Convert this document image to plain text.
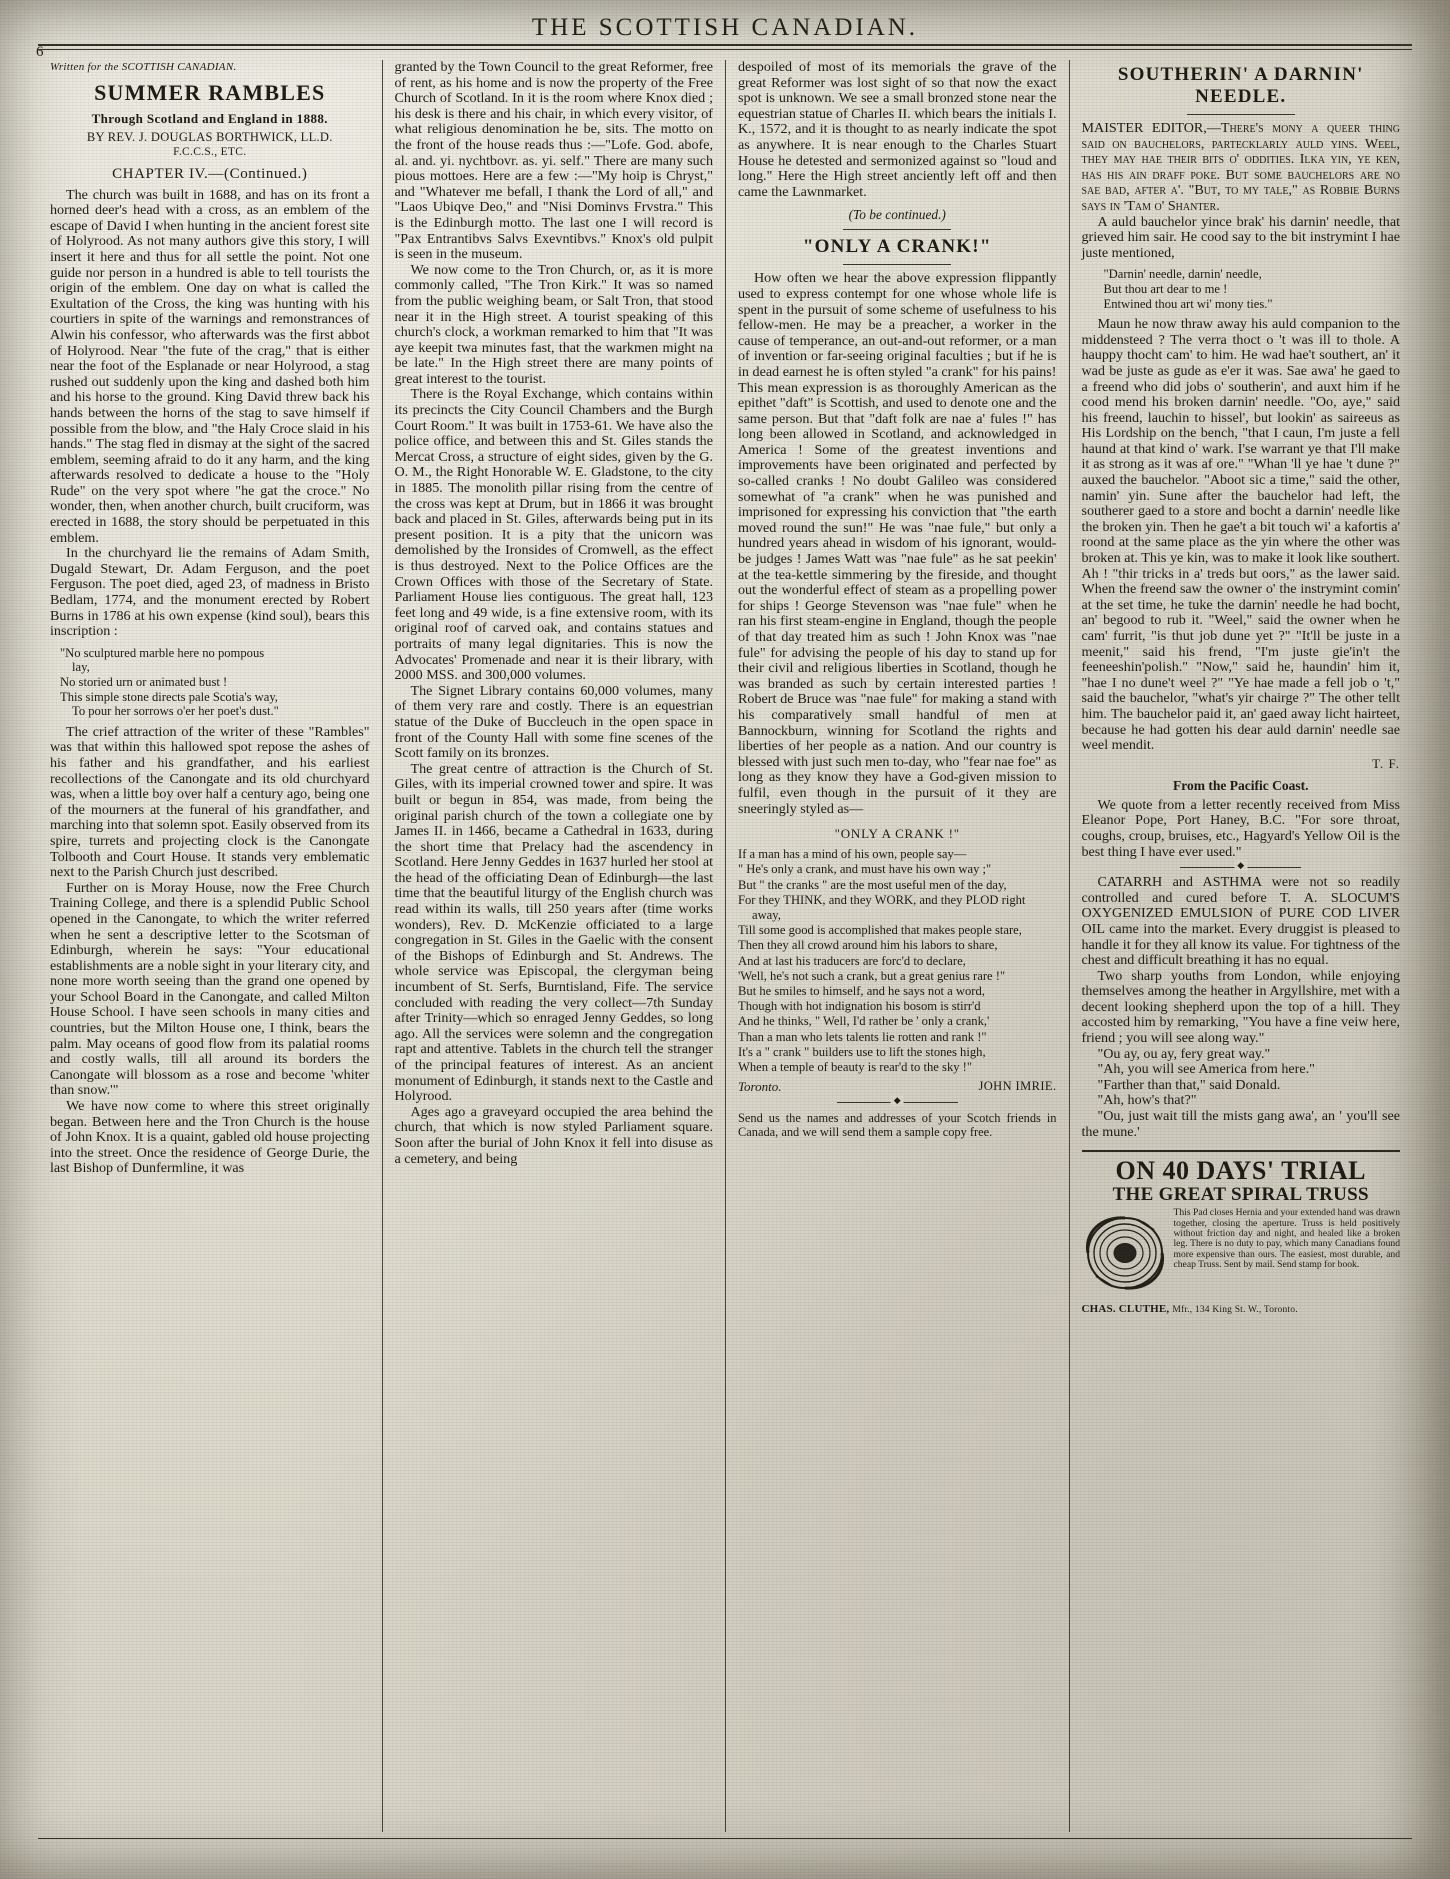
6
THE SCOTTISH CANADIAN.
Written for the SCOTTISH CANADIAN.
SUMMER RAMBLES
Through Scotland and England in 1888.
BY REV. J. DOUGLAS BORTHWICK, LL.D.
F.C.C.S., ETC.
CHAPTER IV.—(Continued.)

The church was built in 1688, and has on its front a horned deer's head with a cross, as an emblem of the escape of David I when hunting in the ancient forest site of Holyrood. As not many authors give this story, I will insert it here and thus for all settle the point. Not one guide nor person in a hundred is able to tell tourists the origin of the emblem. One day on what is called the Exultation of the Cross, the king was hunting with his courtiers in spite of the warnings and remonstrances of Alwin his confessor, who afterwards was the first abbot of Holyrood. Near "the fute of the crag," that is either near the foot of the Esplanade or near Holyrood, a stag rushed out suddenly upon the king and dashed both him and his horse to the ground. King David threw back his hands between the horns of the stag to save himself if possible from the blow, and "the Haly Croce slaid in his hands." The stag fled in dismay at the sight of the sacred emblem, seeming afraid to do it any harm, and the king afterwards resolved to dedicate a house to the "Holy Rude" on the very spot where "he gat the croce." No wonder, then, when another church, built cruciform, was erected in 1688, the story should be perpetuated in this emblem.

In the churchyard lie the remains of Adam Smith, Dugald Stewart, Dr. Adam Ferguson, and the poet Ferguson. The poet died, aged 23, of madness in Bristo Bedlam, 1774, and the monument erected by Robert Burns in 1786 at his own expense (kind soul), bears this inscription :

"No sculptured marble here no pompous
lay,
No storied urn or animated bust !
This simple stone directs pale Scotia's way,
To pour her sorrows o'er her poet's dust."

The crief attraction of the writer of these "Rambles" was that within this hallowed spot repose the ashes of his father and his grandfather, and his earliest recollections of the Canongate and its old churchyard was, when a little boy over half a century ago, being one of the mourners at the funeral of his grandfather, and marching into that solemn spot. Easily observed from its spire, turrets and projecting clock is the Canongate Tolbooth and Court House. It stands very emblematic next to the Parish Church just described.

Further on is Moray House, now the Free Church Training College, and there is a splendid Public School opened in the Canongate, to which the writer referred when he sent a descriptive letter to the Scotsman of Edinburgh, wherein he says: "Your educational establishments are a noble sight in your literary city, and none more worth seeing than the grand one opened by your School Board in the Canongate, and called Milton House School. I have seen schools in many cities and countries, but the Milton House one, I think, bears the palm. May oceans of good flow from its palatial rooms and costly walls, till all around its borders the Canongate will blossom as a rose and become 'whiter than snow.'"

We have now come to where this street originally began. Between here and the Tron Church is the house of John Knox. It is a quaint, gabled old house projecting into the street. Once the residence of George Durie, the last Bishop of Dunfermline, it was

granted by the Town Council to the great Reformer, free of rent, as his home and is now the property of the Free Church of Scotland. In it is the room where Knox died ; his desk is there and his chair, in which every visitor, of what religious denomination he be, sits. The motto on the front of the house reads thus :—"Lofe. God. abofe, al. and. yi. nychtbovr. as. yi. self." There are many such pious mottoes. Here are a few :—"My hoip is Chryst," and "Whatever me befall, I thank the Lord of all," and "Laos Ubiqve Deo," and "Nisi Dominvs Frvstra." This is the Edinburgh motto. The last one I will record is "Pax Entrantibvs Salvs Exevntibvs." Knox's old pulpit is seen in the museum.

We now come to the Tron Church, or, as it is more commonly called, "The Tron Kirk." It was so named from the public weighing beam, or Salt Tron, that stood near it in the High street. A tourist speaking of this church's clock, a workman remarked to him that "It was aye keepit twa minutes fast, that the warkmen might na be late." In the High street there are many points of great interest to the tourist.

There is the Royal Exchange, which contains within its precincts the City Council Chambers and the Burgh Court Room." It was built in 1753-61. We have also the police office, and between this and St. Giles stands the Mercat Cross, a structure of eight sides, given by the G. O. M., the Right Honorable W. E. Gladstone, to the city in 1885. The monolith pillar rising from the centre of the cross was kept at Drum, but in 1866 it was brought back and placed in St. Giles, afterwards being put in its present position. It is a pity that the unicorn was demolished by the Ironsides of Cromwell, as the effect is thus destroyed. Next to the Police Offices are the Crown Offices with those of the Secretary of State. Parliament House lies contiguous. The great hall, 123 feet long and 49 wide, is a fine extensive room, with its original roof of carved oak, and contains statues and portraits of many legal dignitaries. This is now the Advocates' Promenade and near it is their library, with 2000 MSS. and 300,000 volumes.

The Signet Library contains 60,000 volumes, many of them very rare and costly. There is an equestrian statue of the Duke of Buccleuch in the open space in front of the County Hall with some fine scenes of the Scott family on its bronzes.

The great centre of attraction is the Church of St. Giles, with its imperial crowned tower and spire. It was built or begun in 854, was made, from being the original parish church of the town a collegiate one by James II. in 1466, became a Cathedral in 1633, during the short time that Prelacy had the ascendency in Scotland. Here Jenny Geddes in 1637 hurled her stool at the head of the officiating Dean of Edinburgh—the last time that the beautiful liturgy of the English church was read within its walls, till 250 years after (time works wonders), Rev. D. McKenzie officiated to a large congregation in St. Giles in the Gaelic with the consent of the Bishops of Edinburgh and St. Andrews. The whole service was Episcopal, the clergyman being incumbent of St. Serfs, Burntisland, Fife. The service concluded with reading the very collect—7th Sunday after Trinity—which so enraged Jenny Geddes, so long ago. All the services were solemn and the congregation rapt and attentive. Tablets in the church tell the stranger of the principal features of interest. As an ancient monument of Edinburgh, it stands next to the Castle and Holyrood.

Ages ago a graveyard occupied the area behind the church, that which is now styled Parliament square. Soon after the burial of John Knox it fell into disuse as a cemetery, and being

despoiled of most of its memorials the grave of the great Reformer was lost sight of so that now the exact spot is unknown. We see a small bronzed stone near the equestrian statue of Charles II. which bears the initials I. K., 1572, and it is thought to as nearly indicate the spot as anywhere. It is near enough to the Charles Stuart House he detested and sermonized against so "loud and long." Here the High street anciently left off and then came the Lawnmarket.

(To be continued.)
"ONLY A CRANK!"

How often we hear the above expression flippantly used to express contempt for one whose whole life is spent in the pursuit of some scheme of usefulness to his fellow-men. He may be a preacher, a worker in the cause of temperance, an out-and-out reformer, or a man of invention or far-seeing original faculties ; but if he is in dead earnest he is often styled "a crank" for his pains! This mean expression is as thoroughly American as the epithet "daft" is Scottish, and used to denote one and the same person. But that "daft folk are nae a' fules !" has long been allowed in Scotland, and acknowledged in America ! Some of the greatest inventions and improvements have been originated and perfected by so-called cranks ! No doubt Galileo was considered somewhat of "a crank" when he was punished and imprisoned for expressing his conviction that "the earth moved round the sun!" He was "nae fule," but only a hundred years ahead in wisdom of his ignorant, would-be judges ! James Watt was "nae fule" as he sat peekin' at the tea-kettle simmering by the fireside, and thought out the wonderful effect of steam as a propelling power for ships ! George Stevenson was "nae fule" when he ran his first steam-engine in England, though the people of that day treated him as such ! John Knox was "nae fule" for advising the people of his day to stand up for their civil and religious liberties in Scotland, though he was branded as such by certain interested parties ! Robert de Bruce was "nae fule" for making a stand with his comparatively small handful of men at Bannockburn, winning for Scotland the rights and liberties of her people as a nation. And our country is blessed with just such men to-day, who "fear nae foe" as long as they know they have a God-given mission to fulfil, even though in the pursuit of it they are sneeringly styled as—

"ONLY A CRANK !"
If a man has a mind of his own, people say—
" He's only a crank, and must have his own way ;"
But " the cranks " are the most useful men of the day,
For they THINK, and they WORK, and they PLOD right away,
Till some good is accomplished that makes people stare,
Then they all crowd around him his labors to share,
And at last his traducers are forc'd to declare,
'Well, he's not such a crank, but a great genius rare !"
But he smiles to himself, and he says not a word,
Though with hot indignation his bosom is stirr'd
And he thinks, " Well, I'd rather be ' only a crank,'
Than a man who lets talents lie rotten and rank !"
It's a " crank " builders use to lift the stones high,
When a temple of beauty is rear'd to the sky !"
Toronto.	JOHN IMRIE.
◆
Send us the names and addresses of your Scotch friends in Canada, and we will send them a sample copy free.
SOUTHERIN' A DARNIN' NEEDLE.

MAISTER EDITOR,—There's mony a queer thing said on bauchelors, partecklarly auld yins. Weel, they may hae their bits o' oddities. Ilka yin, ye ken, has his ain draff poke. But some bauchelors are no sae bad, after a'. "But, to my tale," as Robbie Burns says in 'Tam o' Shanter.

A auld bauchelor yince brak' his darnin' needle, that grieved him sair. He cood say to the bit instrymint I hae juste mentioned,

"Darnin' needle, darnin' needle,
But thou art dear to me !
Entwined thou art wi' mony ties."

Maun he now thraw away his auld companion to the middensteed ? The verra thoct o 't was ill to thole. A hauppy thocht cam' to him. He wad hae't southert, an' it wad be juste as gude as e'er it was. Sae awa' he gaed to a freend who did jobs o' southerin', and auxt him if he cood mend his broken darnin' needle. "Oo, aye," said his freend, lauchin to hissel', but lookin' as saireeus as His Lordship on the bench, "that I caun, I'm juste a fell haund at that kind o' wark. I'se warrant ye that I'll make it as strong as it was af ore." "Whan 'll ye hae 't dune ?" auxed the bauchelor. "Aboot sic a time," said the other, namin' yin. Sune after the bauchelor had left, the southerer gaed to a store and bocht a darnin' needle like the broken yin. Then he gae't a bit touch wi' a kafortis a' roond at the same place as the yin where the other was broken at. This ye kin, was to make it look like southert. Ah ! "thir tricks in a' treds but oors," as the lawer said. When the freend saw the owner o' the instrymint comin' at the set time, he tuke the darnin' needle he had bocht, an' begood to rub it. "Weel," said the owner when he cam' furrit, "is thut job dune yet ?" "It'll be juste in a meenit," said his frend, "I'm juste gie'in't the feeneeshin'polish." "Now," said he, haundin' him it, "hae I no dune't weel ?" "Ye hae made a fell job o 't," said the bauchelor, "what's yir chairge ?" The other tellt him. The bauchelor paid it, an' gaed away licht hairteet, because he had gotten his dear auld darnin' needle sae weel mendit.

T. F.
From the Pacific Coast.

We quote from a letter recently received from Miss Eleanor Pope, Port Haney, B.C. "For sore throat, coughs, croup, bruises, etc., Hagyard's Yellow Oil is the best thing I have ever used."

◆

CATARRH and ASTHMA were not so readily controlled and cured before T. A. SLOCUM'S OXYGENIZED EMULSION of PURE COD LIVER OIL came into the market. Every druggist is pleased to handle it for they all know its value. For tightness of the chest and difficult breathing it has no equal.

Two sharp youths from London, while enjoying themselves among the heather in Argyllshire, met with a decent looking shepherd upon the top of a hill. They accosted him by remarking, "You have a fine veiw here, friend ; you will see along way."

"Ou ay, ou ay, fery great way."

"Ah, you will see America from here."

"Farther than that," said Donald.

"Ah, how's that?"

"Ou, just wait till the mists gang awa', an ' you'll see the mune.'

ON 40 DAYS' TRIAL
THE GREAT SPIRAL TRUSS
This Pad closes Hernia and your extended hand was drawn together, closing the aperture. Truss is held positively without friction day and night, and healed like a broken leg. There is no duty to pay, which many Canadians found more expensive than ours. The easiest, most durable, and cheap Truss. Sent by mail. Send stamp for book.
CHAS. CLUTHE, Mfr., 134 King St. W., Toronto.
